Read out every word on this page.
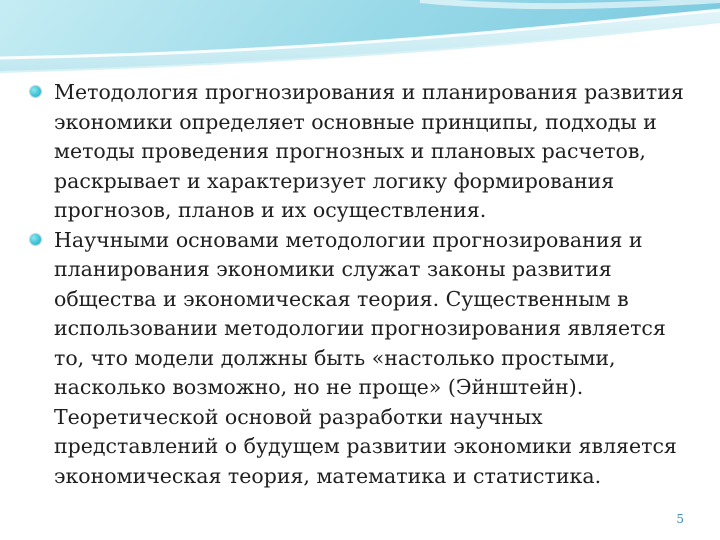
Методология прогнозирования и планирования развития экономики определяет основные принципы, подходы и методы проведения прогнозных и плановых расчетов, раскрывает и характеризует логику формирования прогнозов, планов и их осуществления.
Научными основами методологии прогнозирования и планирования экономики служат законы развития общества и экономическая теория. Существенным в использовании методологии прогнозирования является то, что модели должны быть «настолько простыми, насколько возможно, но не проще» (Эйнштейн). Теоретической основой разработки научных представлений о будущем развитии экономики является экономическая теория, математика и статистика.
5
